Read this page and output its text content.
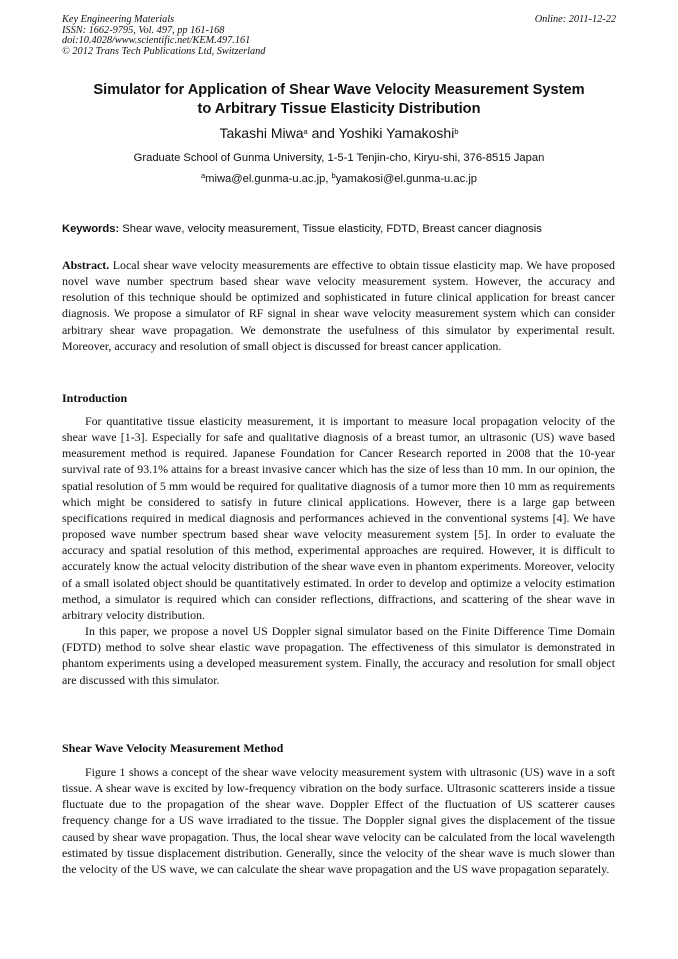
Key Engineering Materials	Online: 2011-12-22
ISSN: 1662-9795, Vol. 497, pp 161-168
doi:10.4028/www.scientific.net/KEM.497.161
© 2012 Trans Tech Publications Ltd, Switzerland
Simulator for Application of Shear Wave Velocity Measurement System
to Arbitrary Tissue Elasticity Distribution
Takashi Miwa$^a$ and Yoshiki Yamakoshi$^b$
Graduate School of Gunma University, 1-5-1 Tenjin-cho, Kiryu-shi, 376-8515 Japan
$^a$miwa@el.gunma-u.ac.jp, $^b$yamakosi@el.gunma-u.ac.jp
Keywords: Shear wave, velocity measurement, Tissue elasticity, FDTD, Breast cancer diagnosis

Abstract. Local shear wave velocity measurements are effective to obtain tissue elasticity map. We have proposed novel wave number spectrum based shear wave velocity measurement system. However, the accuracy and resolution of this technique should be optimized and sophisticated in future clinical application for breast cancer diagnosis. We propose a simulator of RF signal in shear wave velocity measurement system which can consider arbitrary shear wave propagation. We demonstrate the usefulness of this simulator by experimental result. Moreover, accuracy and resolution of small object is discussed for breast cancer application.

Introduction

For quantitative tissue elasticity measurement, it is important to measure local propagation velocity of the shear wave [1-3]. Especially for safe and qualitative diagnosis of a breast tumor, an ultrasonic (US) wave based measurement method is required. Japanese Foundation for Cancer Research reported in 2008 that the 10-year survival rate of 93.1% attains for a breast invasive cancer which has the size of less than 10 mm. In our opinion, the spatial resolution of 5 mm would be required for qualitative diagnosis of a tumor more then 10 mm as requirements which might be considered to satisfy in future clinical applications. However, there is a large gap between specifications required in medical diagnosis and performances achieved in the conventional systems [4]. We have proposed wave number spectrum based shear wave velocity measurement system [5]. In order to evaluate the accuracy and spatial resolution of this method, experimental approaches are required. However, it is difficult to accurately know the actual velocity distribution of the shear wave even in phantom experiments. Moreover, velocity of a small isolated object should be quantitatively estimated. In order to develop and optimize a velocity estimation method, a simulator is required which can consider reflections, diffractions, and scattering of the shear wave in arbitrary velocity distribution.

In this paper, we propose a novel US Doppler signal simulator based on the Finite Difference Time Domain (FDTD) method to solve shear elastic wave propagation. The effectiveness of this simulator is demonstrated in phantom experiments using a developed measurement system. Finally, the accuracy and resolution for small object are discussed with this simulator.

Shear Wave Velocity Measurement Method

Figure 1 shows a concept of the shear wave velocity measurement system with ultrasonic (US) wave in a soft tissue. A shear wave is excited by low-frequency vibration on the body surface. Ultrasonic scatterers inside a tissue fluctuate due to the propagation of the shear wave. Doppler Effect of the fluctuation of US scatterer causes frequency change for a US wave irradiated to the tissue. The Doppler signal gives the displacement of the tissue caused by shear wave propagation. Thus, the local shear wave velocity can be calculated from the local wavelength estimated by tissue displacement distribution. Generally, since the velocity of the shear wave is much slower than the velocity of the US wave, we can calculate the shear wave propagation and the US wave propagation separately.
